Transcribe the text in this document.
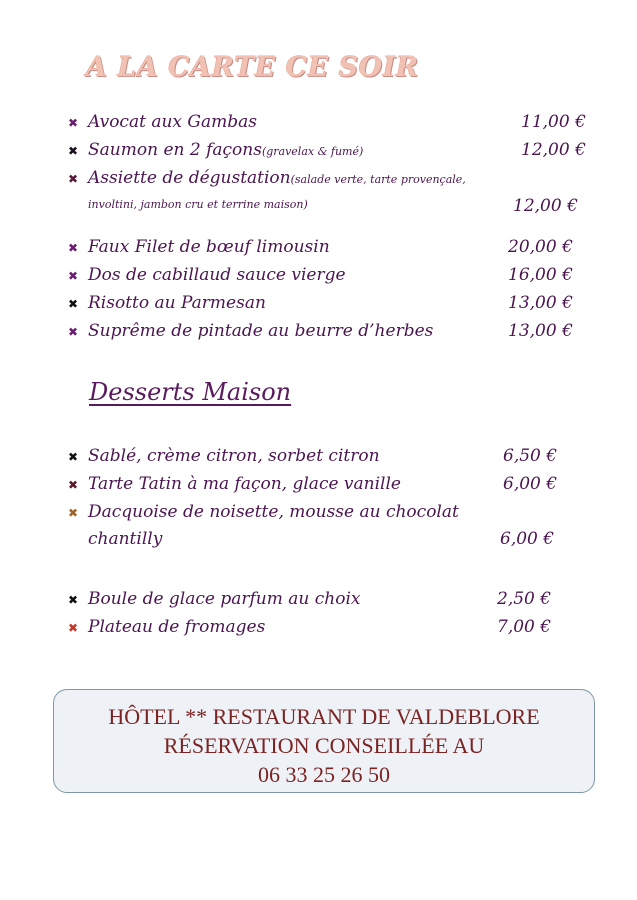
A LA CARTE CE SOIR
✖ Avocat aux Gambas	11,00 €
✖ Saumon en 2 façons (gravelax & fumé)	12,00 €
✖ Assiette de dégustation (salade verte, tarte provençale,
involtini, jambon cru et terrine maison)	12,00 €
✖ Faux Filet de bœuf limousin	20,00 €
✖ Dos de cabillaud sauce vierge	16,00 €
✖ Risotto au Parmesan	13,00 €
✖ Suprême de pintade au beurre d’herbes	13,00 €
Desserts Maison
✖ Sablé, crème citron, sorbet citron	6,50 €
✖ Tarte Tatin à ma façon, glace vanille	6,00 €
✖ Dacquoise de noisette, mousse au chocolat
chantilly	6,00 €
✖ Boule de glace parfum au choix	2,50 €
✖ Plateau de fromages	7,00 €
HÔTEL ** RESTAURANT DE VALDEBLORE
RÉSERVATION CONSEILLÉE AU
06 33 25 26 50
